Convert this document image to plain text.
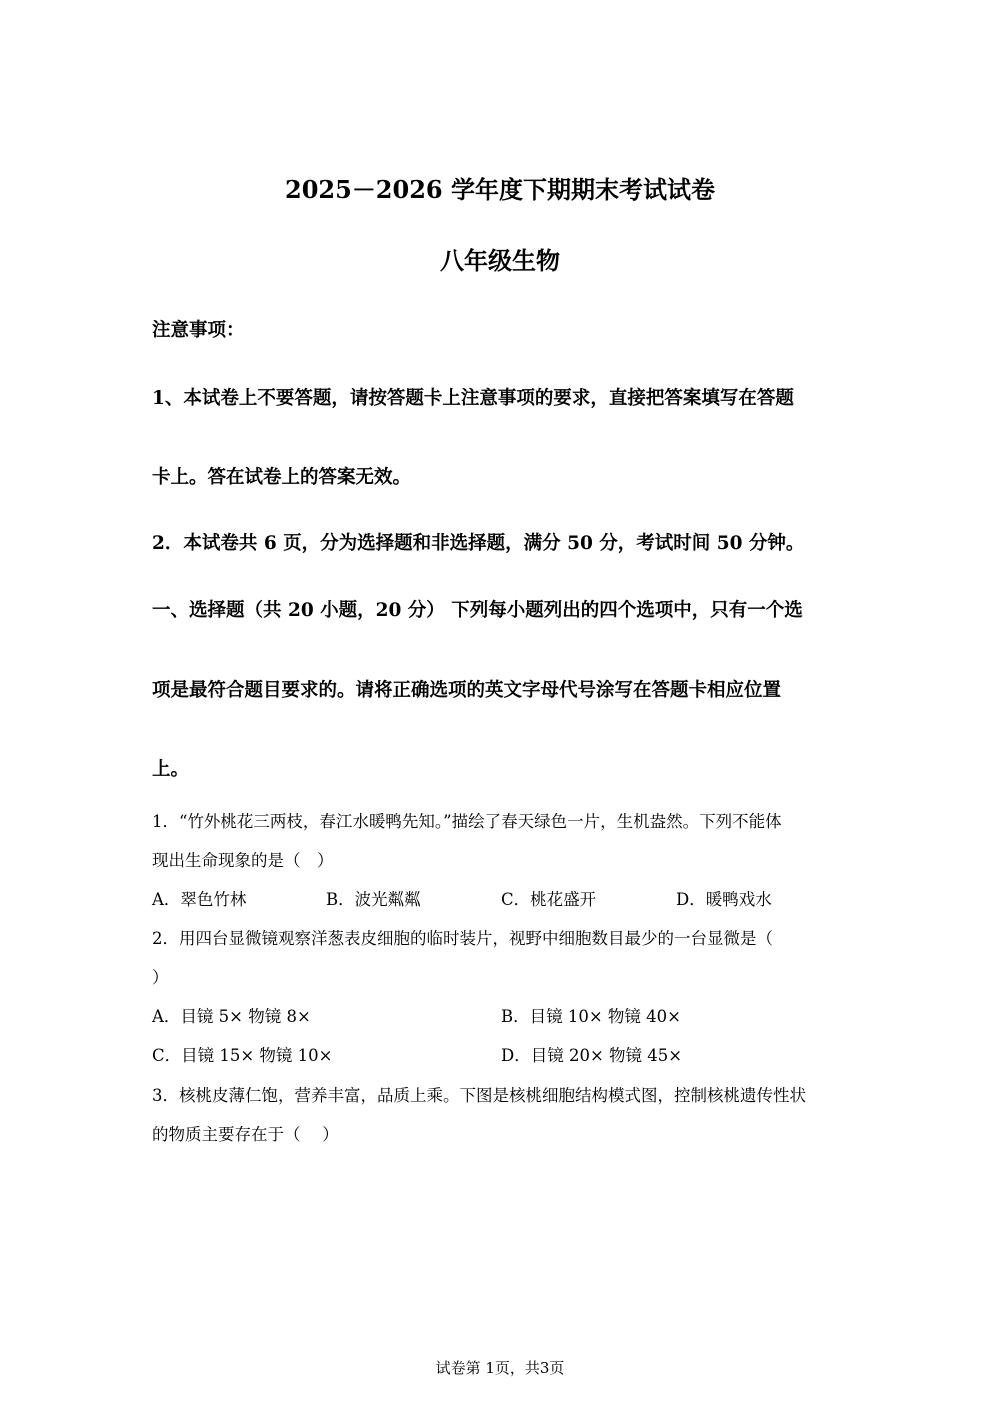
2025－2026 学年度下期期末考试试卷
八年级生物
注意事项：
1、本试卷上不要答题，请按答题卡上注意事项的要求，直接把答案填写在答题
卡上。答在试卷上的答案无效。
2．本试卷共 6 页，分为选择题和非选择题，满分 50 分，考试时间 50 分钟。
一、选择题（共 20 小题，20 分） 下列每小题列出的四个选项中，只有一个选
项是最符合题目要求的。请将正确选项的英文字母代号涂写在答题卡相应位置
上。
1．“竹外桃花三两枝，春江水暖鸭先知。”描绘了春天绿色一片，生机盎然。下列不能体
现出生命现象的是（　）
A．翠色竹林	B．波光粼粼	C．桃花盛开	D．暖鸭戏水
2．用四台显微镜观察洋葱表皮细胞的临时装片，视野中细胞数目最少的一台显微是（
）
A．目镜 5× 物镜 8×	B．目镜 10× 物镜 40×
C．目镜 15× 物镜 10×	D．目镜 20× 物镜 45×
3．核桃皮薄仁饱，营养丰富，品质上乘。下图是核桃细胞结构模式图，控制核桃遗传性状
的物质主要存在于（　 ）
试卷第 1页，共3页
